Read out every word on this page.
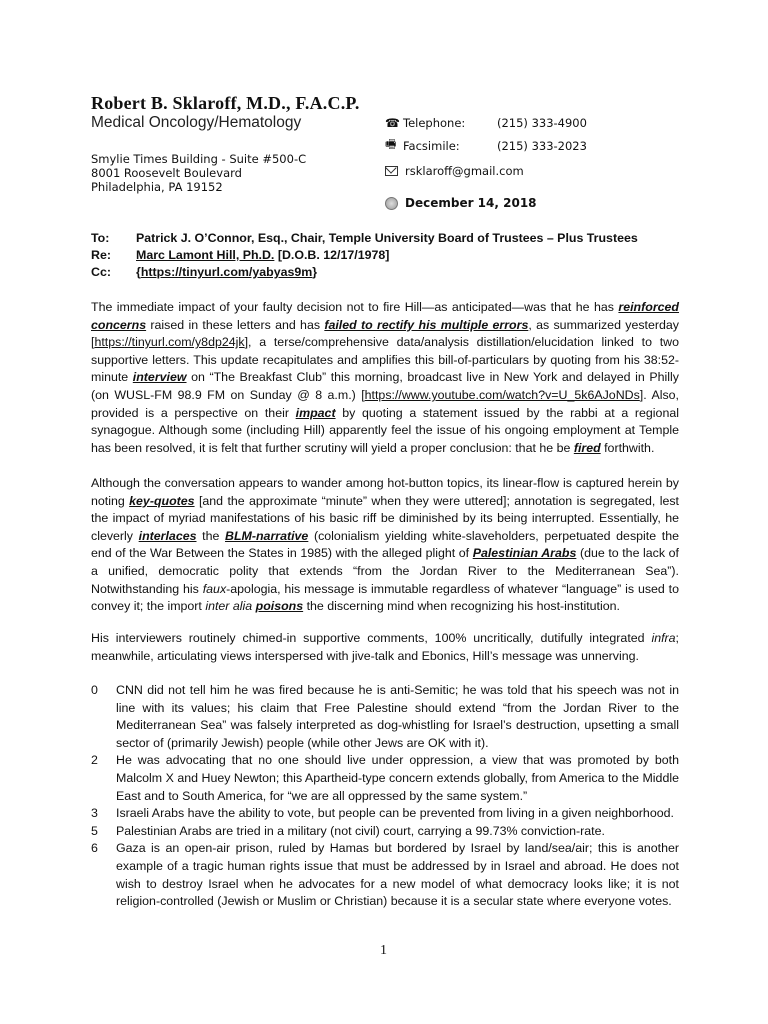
Robert B. Sklaroff, M.D., F.A.C.P.
Medical Oncology/Hematology
Smylie Times Building - Suite #500-C
8001 Roosevelt Boulevard
Philadelphia, PA 19152
☎ Telephone:	(215) 333-4900
🖷 Facsimile:	(215) 333-2023
rsklaroff@gmail.com
December 14, 2018
To:	Patrick J. O’Connor, Esq., Chair, Temple University Board of Trustees – Plus Trustees
Re:	Marc Lamont Hill, Ph.D. [D.O.B. 12/17/1978]
Cc:	{ https://tinyurl.com/yabyas9m }

The immediate impact of your faulty decision not to fire Hill—as anticipated—was that he has reinforced concerns raised in these letters and has failed to rectify his multiple errors, as summarized yesterday [https://tinyurl.com/y8dp24jk], a terse/comprehensive data/analysis distillation/elucidation linked to two supportive letters. This update recapitulates and amplifies this bill-of-particulars by quoting from his 38:52-minute interview on “The Breakfast Club” this morning, broadcast live in New York and delayed in Philly (on WUSL-FM 98.9 FM on Sunday @ 8 a.m.) [https://www.youtube.com/watch?v=U_5k6AJoNDs]. Also, provided is a perspective on their impact by quoting a statement issued by the rabbi at a regional synagogue. Although some (including Hill) apparently feel the issue of his ongoing employment at Temple has been resolved, it is felt that further scrutiny will yield a proper conclusion: that he be fired forthwith.

Although the conversation appears to wander among hot-button topics, its linear-flow is captured herein by noting key-quotes [and the approximate “minute” when they were uttered]; annotation is segregated, lest the impact of myriad manifestations of his basic riff be diminished by its being interrupted. Essentially, he cleverly interlaces the BLM-narrative (colonialism yielding white-slaveholders, perpetuated despite the end of the War Between the States in 1985) with the alleged plight of Palestinian Arabs (due to the lack of a unified, democratic polity that extends “from the Jordan River to the Mediterranean Sea”). Notwithstanding his faux-apologia, his message is immutable regardless of whatever “language” is used to convey it; the import inter alia poisons the discerning mind when recognizing his host-institution.

His interviewers routinely chimed-in supportive comments, 100% uncritically, dutifully integrated infra; meanwhile, articulating views interspersed with jive-talk and Ebonics, Hill’s message was unnerving.

0	CNN did not tell him he was fired because he is anti-Semitic; he was told that his speech was not in line with its values; his claim that Free Palestine should extend “from the Jordan River to the Mediterranean Sea” was falsely interpreted as dog-whistling for Israel’s destruction, upsetting a small sector of (primarily Jewish) people (while other Jews are OK with it).
2	He was advocating that no one should live under oppression, a view that was promoted by both Malcolm X and Huey Newton; this Apartheid-type concern extends globally, from America to the Middle East and to South America, for “we are all oppressed by the same system.”
3	Israeli Arabs have the ability to vote, but people can be prevented from living in a given neighborhood.
5	Palestinian Arabs are tried in a military (not civil) court, carrying a 99.73% conviction-rate.
6	Gaza is an open-air prison, ruled by Hamas but bordered by Israel by land/sea/air; this is another example of a tragic human rights issue that must be addressed by in Israel and abroad. He does not wish to destroy Israel when he advocates for a new model of what democracy looks like; it is not religion-controlled (Jewish or Muslim or Christian) because it is a secular state where everyone votes.
1
